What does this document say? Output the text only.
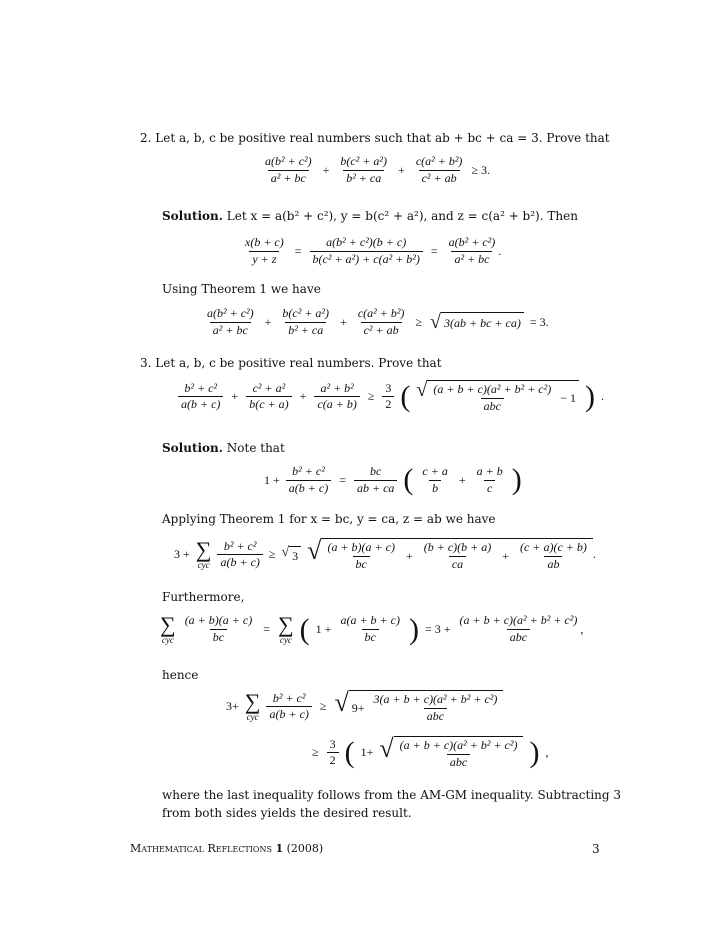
2. Let a, b, c be positive real numbers such that ab + bc + ca = 3. Prove that
$\frac{\text{a(b² + c²)}}{\text{a² + bc}} + \frac{\text{b(c² + a²)}}{\text{b² + ca}} + \frac{\text{c(a² + b²)}}{\text{c² + ab}} \ge 3$.
Solution. Let x = a(b² + c²), y = b(c² + a²), and z = c(a² + b²). Then
$\frac{x(b + c)}{y + z} = \frac{\text{a(b² + c²)(b + c)}}{\text{b(c² + a²) + c(a² + b²)}} = \frac{\text{a(b² + c²)}}{\text{a² + bc}}$ .
Using Theorem 1 we have
$\frac{\text{a(b² + c²)}}{\text{a² + bc}} + \frac{\text{b(c² + a²)}}{\text{b² + ca}} + \frac{\text{c(a² + b²)}}{\text{c² + ab}}$ ≥ √ 3(ab + bc + ca) = 3.
3. Let a, b, c be positive real numbers. Prove that
$\frac{\text{b² + c²}}{a(b + c)} + \frac{\text{c² + a²}}{b(c + a)} + \frac{\text{a² + b²}}{c(a + b)} \ge \frac{3}{2}$ ( √ $\frac{\text{(a + b + c)(a² + b² + c²)}}{\text{abc}} - 1$ ) .
Solution. Note that
$1 + \frac{\text{b² + c²}}{a(b + c)} = \frac{bc}{ab + ca}$ ( $\frac{c + a}{b} + \frac{a + b}{c}$ )
Applying Theorem 1 for x = bc, y = ca, z = ab we have
3 + ∑
cyc $\frac{\text{b² + c²}}{a(b + c)}$ ≥ √ 3 √ $\frac{(a + b)(a + c)}{bc} + \frac{(b + c)(b + a)}{ca} + \frac{(c + a)(c + b)}{ab}$ .
Furthermore,
∑
cyc $\frac{(a + b)(a + c)}{bc}$ = ∑
cyc ( $1 + \frac{a(a + b + c)}{bc}$ ) = $3 + \frac{\text{(a + b + c)(a² + b² + c²)}}{\text{abc}}$ ,
hence
3+ ∑
cyc $\frac{\text{b² + c²}}{a(b + c)}$ ≥ √ $9+ \frac{\text{3(a + b + c)(a² + b² + c²)}}{\text{abc}}$
≥ $\frac{3}{2}$ ( 1+ √ $\frac{\text{(a + b + c)(a² + b² + c²)}}{\text{abc}}$ ) ,
where the last inequality follows from the AM-GM inequality. Subtracting 3
from both sides yields the desired result.
Mathematical Reflections 1 (2008)	3
